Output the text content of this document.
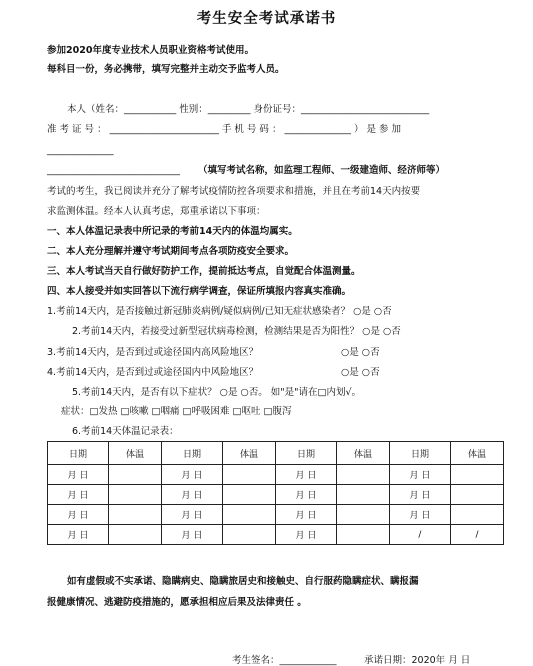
考生安全考试承诺书
参加2020年度专业技术人员职业资格考试使用。
每科目一份，务必携带，填写完整并主动交予监考人员。
本人（姓名：___________ 性别：_________ 身份证号：___________________________
准 考 证 号 ： _______________________ 手 机 号 码 ： ______________ ） 是 参 加
______________
____________________________ （填写考试名称，如监理工程师、一级建造师、经济师等）
考试的考生，我已阅读并充分了解考试疫情防控各项要求和措施，并且在考前14天内按要
求监测体温。经本人认真考虑，郑重承诺以下事项：
一、本人体温记录表中所记录的考前14天内的体温均属实。
二、本人充分理解并遵守考试期间考点各项防疫安全要求。
三、本人考试当天自行做好防护工作，提前抵达考点，自觉配合体温测量。
四、本人接受并如实回答以下流行病学调查，保证所填报内容真实准确。
1.考前14天内，是否接触过新冠肺炎病例/疑似病例/已知无症状感染者？ ○是 ○否
2.考前14天内，若接受过新型冠状病毒检测，检测结果是否为阳性？ ○是 ○否
3.考前14天内，是否到过或途径国内高风险地区？	○是 ○否
4.考前14天内，是否到过或途径国内中风险地区？	○是 ○否
5.考前14天内，是否有以下症状？ ○是 ○否。 如"是"请在□内划√。
症状：□发热 □咳嗽 □咽痛 □呼吸困难 □呕吐 □腹泻
6.考前14天体温记录表：
日期	体温	日期	体温	日期	体温	日期	体温
月 日		月 日		月 日		月 日	
月 日		月 日		月 日		月 日	
月 日		月 日		月 日		月 日	
月 日		月 日		月 日		/	/
如有虚假或不实承诺、隐瞒病史、隐瞒旅居史和接触史、自行服药隐瞒症状、瞒报漏
报健康情况、逃避防疫措施的，愿承担相应后果及法律责任 。
考生签名：____________	承诺日期：2020年 月 日
